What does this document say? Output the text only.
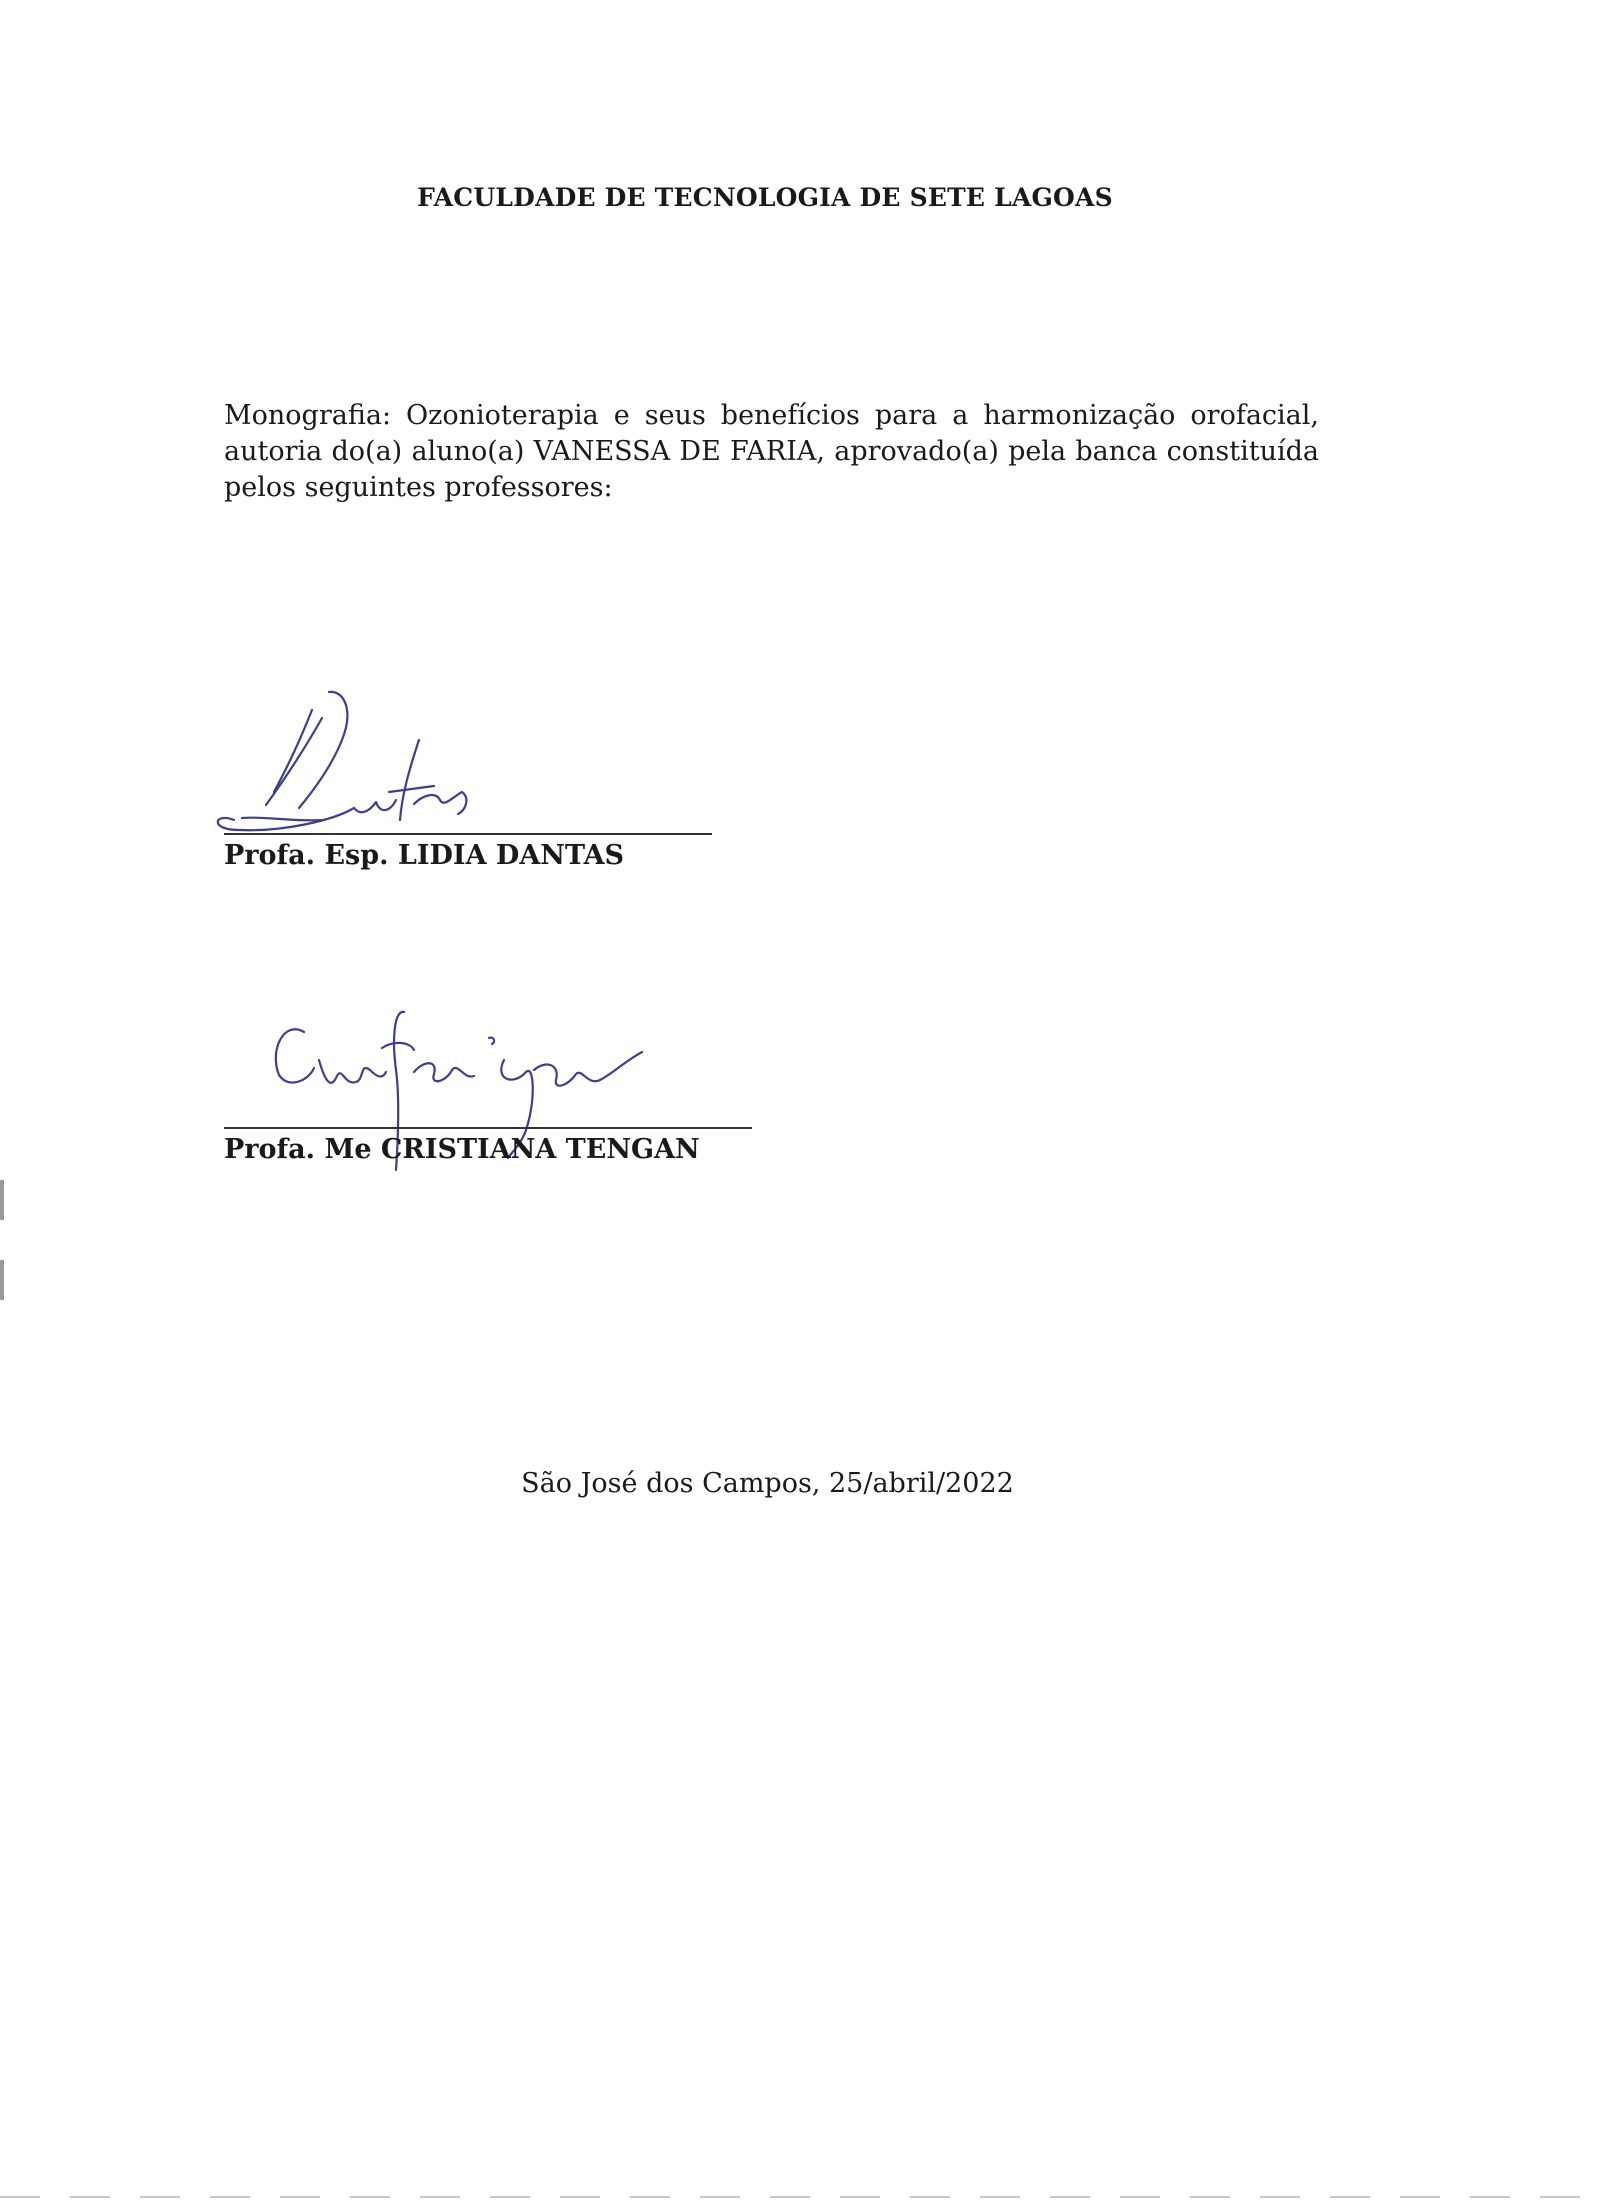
FACULDADE DE TECNOLOGIA DE SETE LAGOAS

Monografia: Ozonioterapia e seus benefícios para a harmonização orofacial, autoria do(a) aluno(a) VANESSA DE FARIA, aprovado(a) pela banca constituída pelos seguintes professores:

Profa. Esp. LIDIA DANTAS
Profa. Me CRISTIANA TENGAN

São José dos Campos, 25/abril/2022
